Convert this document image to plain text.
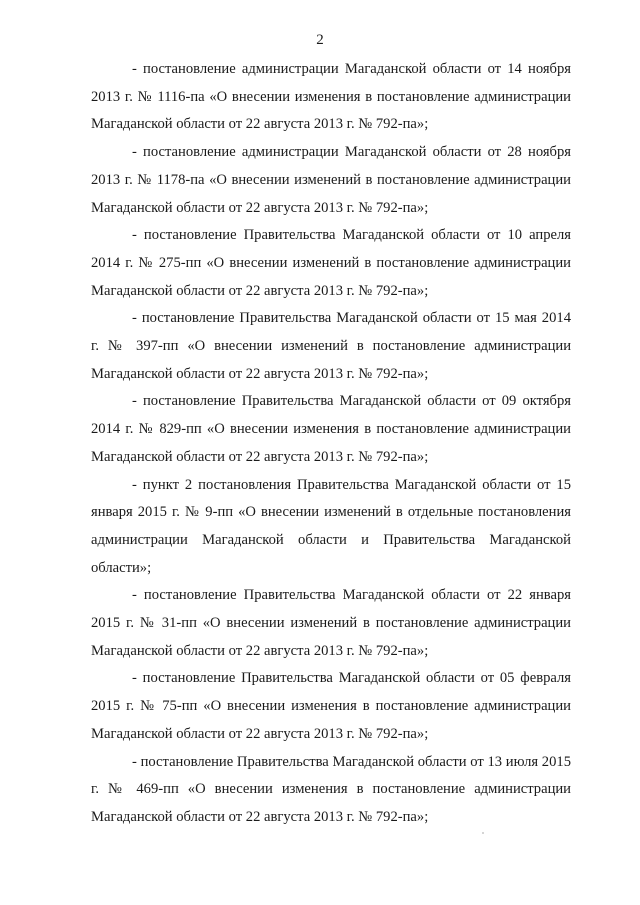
2

- постановление администрации Магаданской области от 14 ноября 2013 г. № 1116-па «О внесении изменения в постановление администрации Магаданской области от 22 августа 2013 г. № 792-па»;

- постановление администрации Магаданской области от 28 ноября 2013 г. № 1178-па «О внесении изменений в постановление администрации Магаданской области от 22 августа 2013 г. № 792-па»;

- постановление Правительства Магаданской области от 10 апреля 2014 г. № 275-пп «О внесении изменений в постановление администрации Магаданской области от 22 августа 2013 г. № 792-па»;

- постановление Правительства Магаданской области от 15 мая 2014 г. № 397-пп «О внесении изменений в постановление администрации Магаданской области от 22 августа 2013 г. № 792-па»;

- постановление Правительства Магаданской области от 09 октября 2014 г. № 829-пп «О внесении изменения в постановление администрации Магаданской области от 22 августа 2013 г. № 792-па»;

- пункт 2 постановления Правительства Магаданской области от 15 января 2015 г. № 9-пп «О внесении изменений в отдельные постановления администрации Магаданской области и Правительства Магаданской области»;

- постановление Правительства Магаданской области от 22 января 2015 г. № 31-пп «О внесении изменений в постановление администрации Магаданской области от 22 августа 2013 г. № 792-па»;

- постановление Правительства Магаданской области от 05 февраля 2015 г. № 75-пп «О внесении изменения в постановление администрации Магаданской области от 22 августа 2013 г. № 792-па»;

- постановление Правительства Магаданской области от 13 июля 2015 г. № 469-пп «О внесении изменения в постановление администрации Магаданской области от 22 августа 2013 г. № 792-па»;
